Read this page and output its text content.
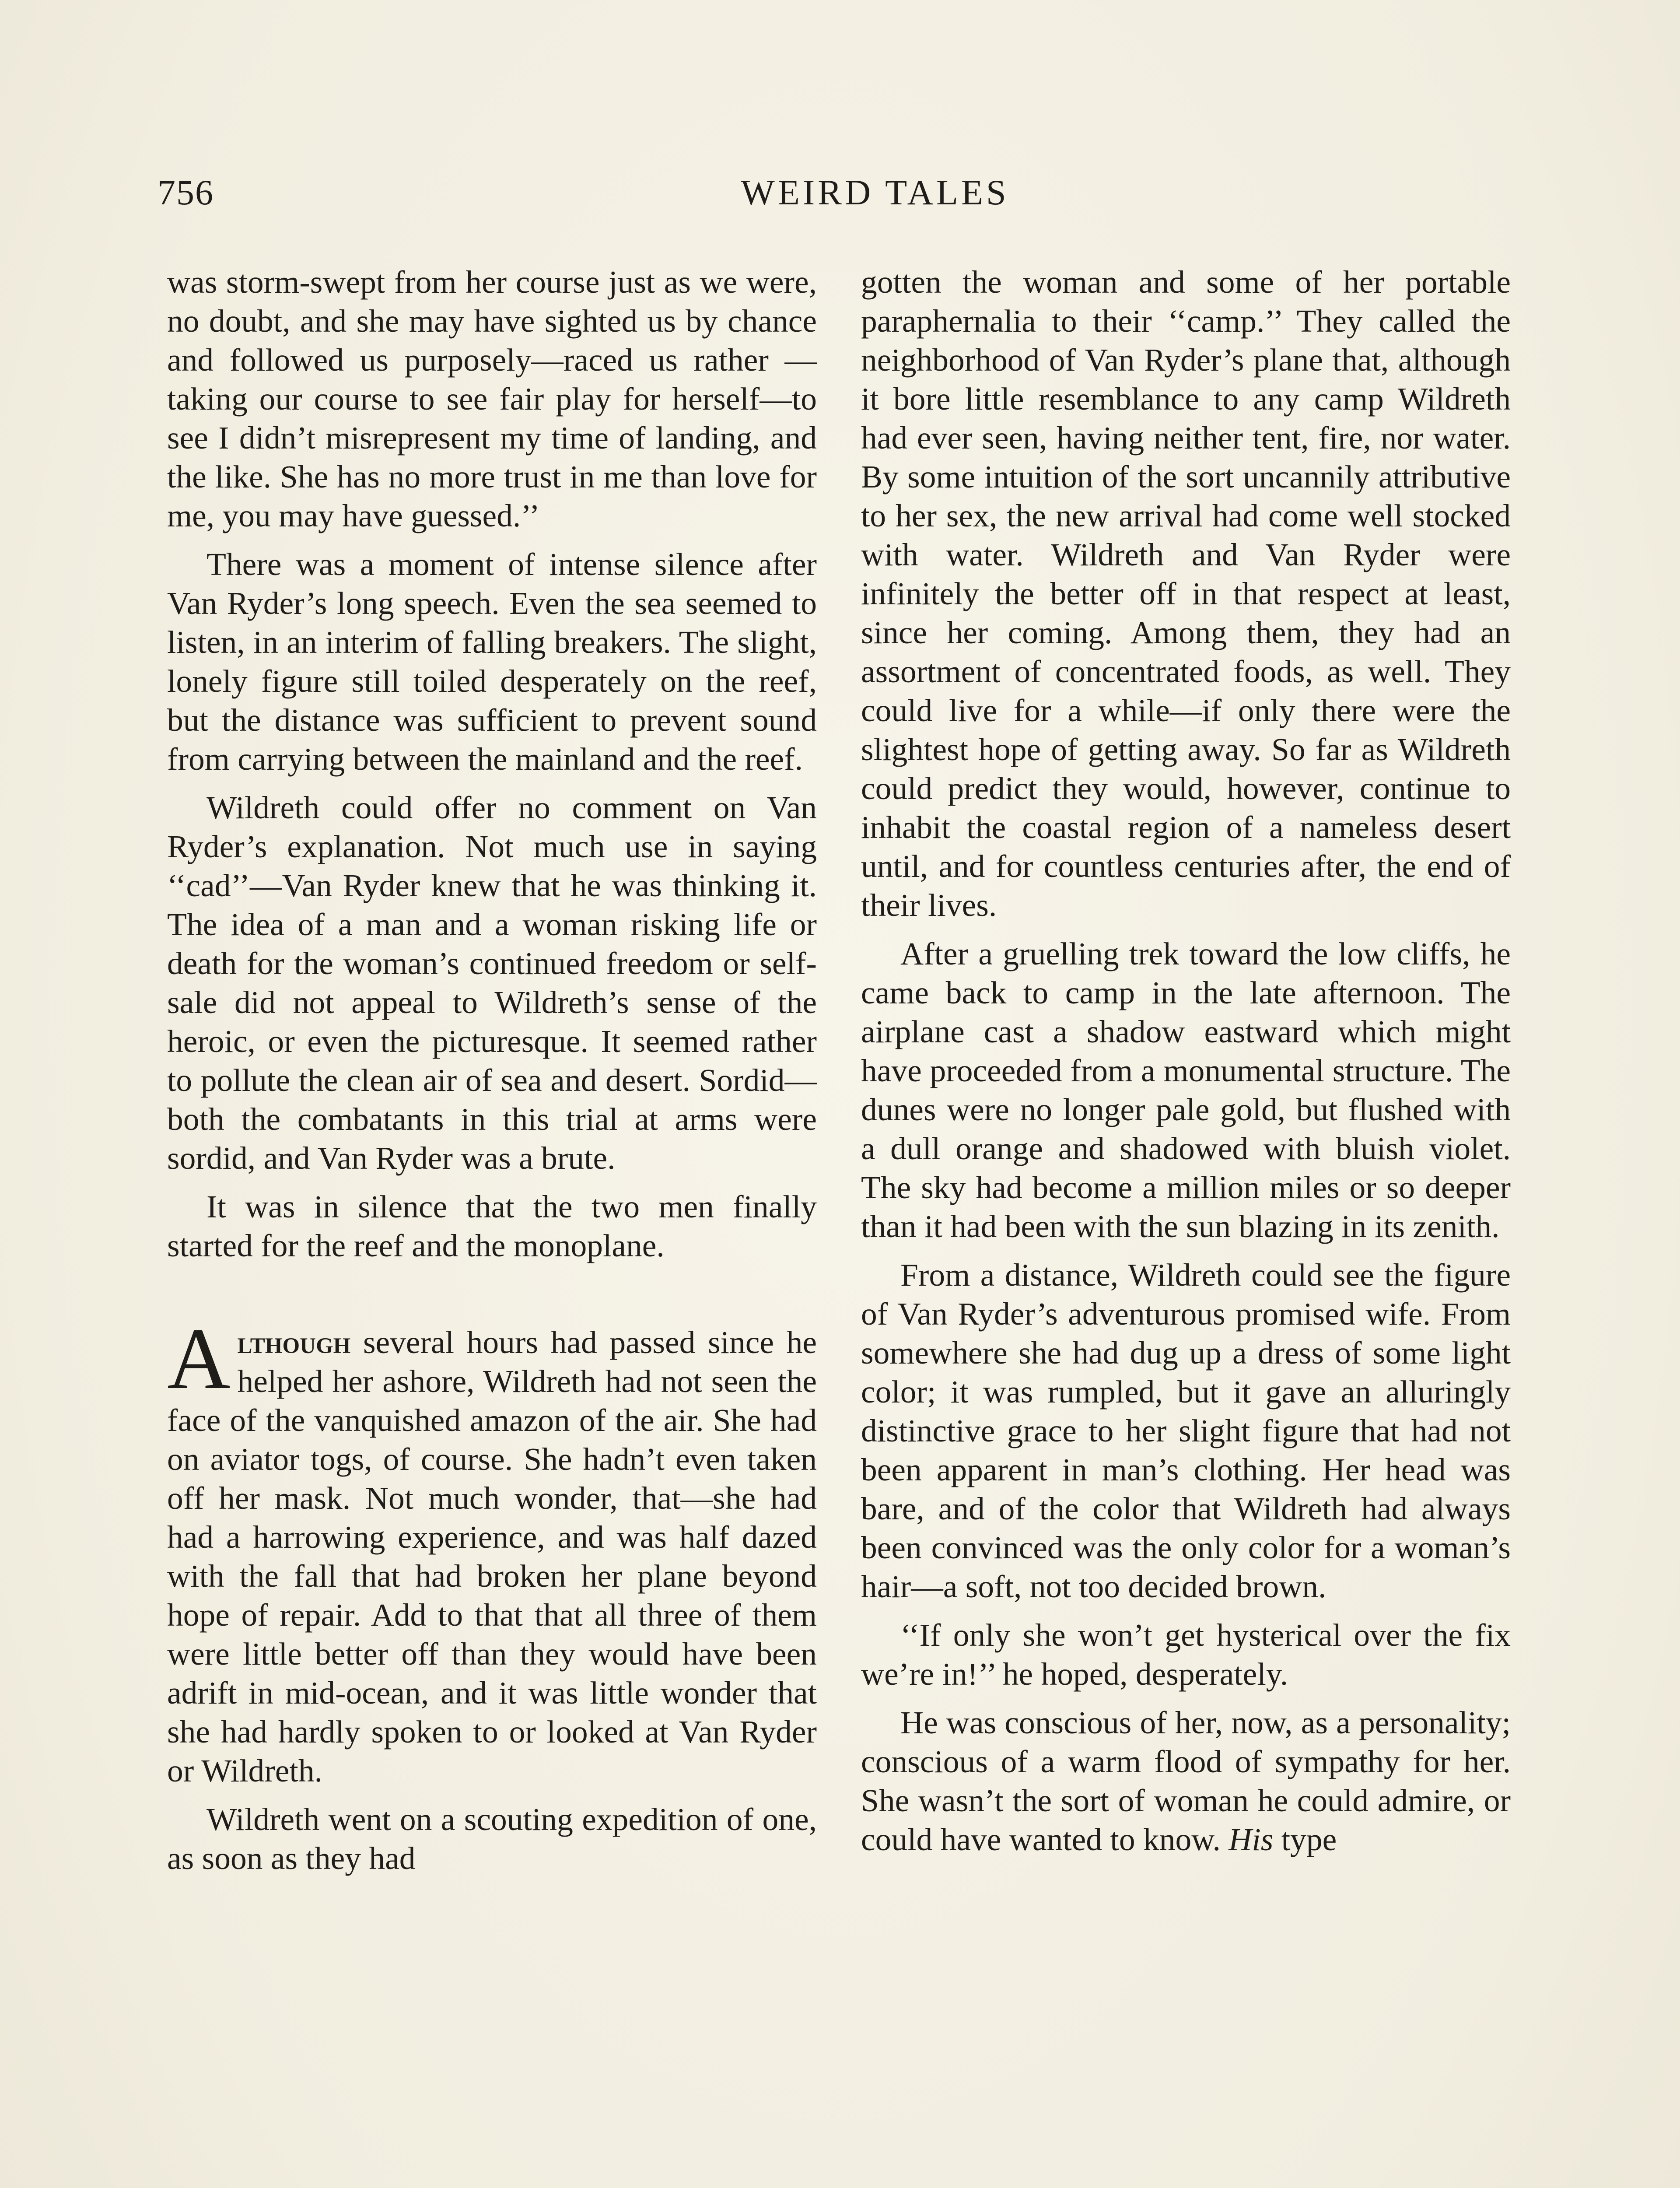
756	WEIRD TALES

was storm-swept from her course just as we were, no doubt, and she may have sighted us by chance and followed us purposely—raced us rather —taking our course to see fair play for herself—to see I didn’t misrepresent my time of landing, and the like. She has no more trust in me than love for me, you may have guessed.’’

There was a moment of intense silence after Van Ryder’s long speech. Even the sea seemed to listen, in an interim of falling breakers. The slight, lonely figure still toiled desperately on the reef, but the distance was sufficient to prevent sound from carrying between the mainland and the reef.

Wildreth could offer no comment on Van Ryder’s explanation. Not much use in saying ‘‘cad’’—Van Ryder knew that he was thinking it. The idea of a man and a woman risking life or death for the woman’s continued freedom or self-sale did not appeal to Wildreth’s sense of the heroic, or even the picturesque. It seemed rather to pollute the clean air of sea and desert. Sordid—both the combatants in this trial at arms were sordid, and Van Ryder was a brute.

It was in silence that the two men finally started for the reef and the monoplane.

Although several hours had passed since he helped her ashore, Wildreth had not seen the face of the vanquished amazon of the air. She had on aviator togs, of course. She hadn’t even taken off her mask. Not much wonder, that—she had had a harrowing experience, and was half dazed with the fall that had broken her plane beyond hope of repair. Add to that that all three of them were little better off than they would have been adrift in mid-ocean, and it was little wonder that she had hardly spoken to or looked at Van Ryder or Wildreth.

Wildreth went on a scouting expedition of one, as soon as they had

gotten the woman and some of her portable paraphernalia to their ‘‘camp.’’ They called the neighborhood of Van Ryder’s plane that, although it bore little resemblance to any camp Wildreth had ever seen, having neither tent, fire, nor water. By some intuition of the sort uncannily attributive to her sex, the new arrival had come well stocked with water. Wildreth and Van Ryder were infinitely the better off in that respect at least, since her coming. Among them, they had an assortment of concentrated foods, as well. They could live for a while—if only there were the slightest hope of getting away. So far as Wildreth could predict they would, however, continue to inhabit the coastal region of a nameless desert until, and for countless centuries after, the end of their lives.

After a gruelling trek toward the low cliffs, he came back to camp in the late afternoon. The airplane cast a shadow eastward which might have proceeded from a monumental structure. The dunes were no longer pale gold, but flushed with a dull orange and shadowed with bluish violet. The sky had become a million miles or so deeper than it had been with the sun blazing in its zenith.

From a distance, Wildreth could see the figure of Van Ryder’s adventurous promised wife. From somewhere she had dug up a dress of some light color; it was rumpled, but it gave an alluringly distinctive grace to her slight figure that had not been apparent in man’s clothing. Her head was bare, and of the color that Wildreth had always been convinced was the only color for a woman’s hair—a soft, not too decided brown.

‘‘If only she won’t get hysterical over the fix we’re in!’’ he hoped, desperately.

He was conscious of her, now, as a personality; conscious of a warm flood of sympathy for her. She wasn’t the sort of woman he could admire, or could have wanted to know. His type
